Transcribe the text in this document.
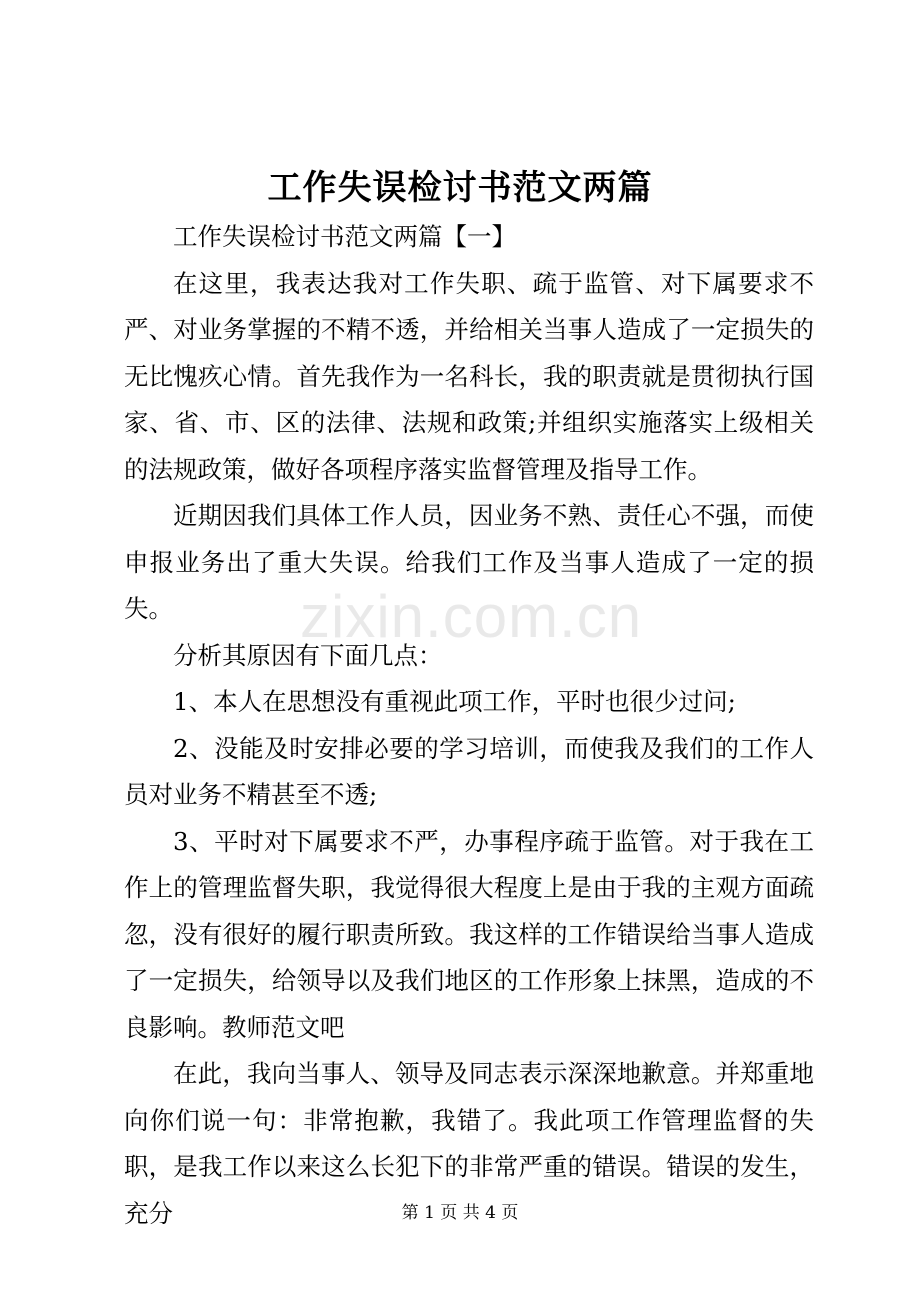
工作失误检讨书范文两篇

工作失误检讨书范文两篇【一】

在这里，我表达我对工作失职、疏于监管、对下属要求不严、对业务掌握的不精不透，并给相关当事人造成了一定损失的无比愧疚心情。首先我作为一名科长，我的职责就是贯彻执行国家、省、市、区的法律、法规和政策;并组织实施落实上级相关的法规政策，做好各项程序落实监督管理及指导工作。

近期因我们具体工作人员，因业务不熟、责任心不强，而使申报业务出了重大失误。给我们工作及当事人造成了一定的损失。

分析其原因有下面几点：

1、本人在思想没有重视此项工作，平时也很少过问;

2、没能及时安排必要的学习培训，而使我及我们的工作人员对业务不精甚至不透;

3、平时对下属要求不严，办事程序疏于监管。对于我在工作上的管理监督失职，我觉得很大程度上是由于我的主观方面疏忽，没有很好的履行职责所致。我这样的工作错误给当事人造成了一定损失，给领导以及我们地区的工作形象上抹黑，造成的不良影响。教师范文吧

在此，我向当事人、领导及同志表示深深地歉意。并郑重地向你们说一句：非常抱歉，我错了。我此项工作管理监督的失职，是我工作以来这么长犯下的非常严重的错误。错误的发生，充分

zixin.com.cn
第 1 页 共 4 页
